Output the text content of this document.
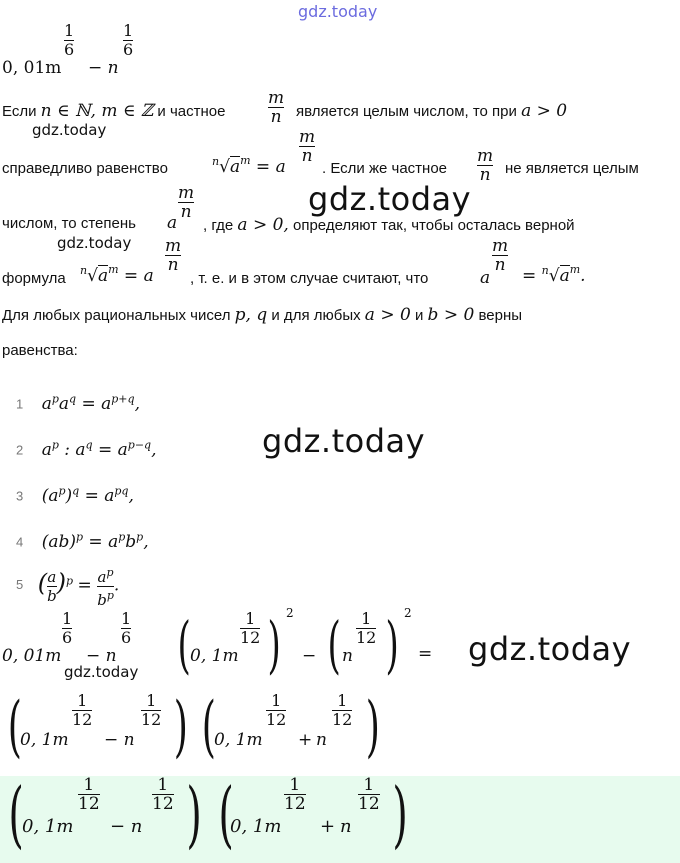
gdz.today
0, 01m
1
6
− n
1
6
Если n ∈ ℕ, m ∈ ℤ и частное
m
n является целым числом, то при a > 0
gdz.today
справедливо равенство	$^n√a^m = a$
m
n
. Если же частное
m
n не является целым
gdz.today
числом, то степень a
m
n
, где a > 0, определяют так, чтобы осталась верной
gdz.today
формула $^n√a^m = a$
m
n
, т. е. и в этом случае считают, что	a
m
n
= $^n√a^m$.
Для любых рациональных чисел p, q и для любых a > 0 и b > 0 верны
равенства:
1 $a^pa^q = a^{p+q}$,
2 $a^p$ : $a^q = a^{p-q}$,
3 $(a^p)^q = a^{pq}$,
4 $(ab)^p = a^pb^p$,
5 ( $\frac{a}{b} )^p = \frac{a^p}{b^p}$ .
gdz.today
0, 01m
1
6
− n
1
6 ( 0, 1m
1
12 ) 2
− ( n
1
12 ) 2
= gdz.today
gdz.today
(
0, 1m
1
12
− n
1
12 ) (
0, 1m
1
12
+ n
1
12 )
(
0, 1m
1
12
− n
1
12 ) (
0, 1m
1
12
+ n
1
12 )
